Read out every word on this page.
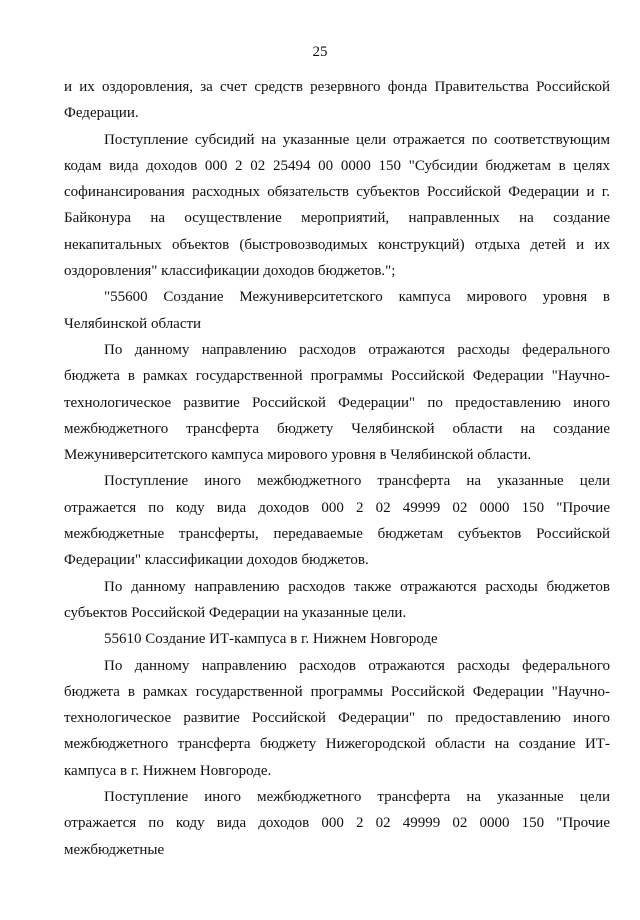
25

и их оздоровления, за счет средств резервного фонда Правительства Российской Федерации.

Поступление субсидий на указанные цели отражается по соответствующим кодам вида доходов 000 2 02 25494 00 0000 150 "Субсидии бюджетам в целях софинансирования расходных обязательств субъектов Российской Федерации и г. Байконура на осуществление мероприятий, направленных на создание некапитальных объектов (быстровозводимых конструкций) отдыха детей и их оздоровления" классификации доходов бюджетов.";

"55600 Создание Межуниверситетского кампуса мирового уровня в Челябинской области

По данному направлению расходов отражаются расходы федерального бюджета в рамках государственной программы Российской Федерации "Научно-технологическое развитие Российской Федерации" по предоставлению иного межбюджетного трансферта бюджету Челябинской области на создание Межуниверситетского кампуса мирового уровня в Челябинской области.

Поступление иного межбюджетного трансферта на указанные цели отражается по коду вида доходов 000 2 02 49999 02 0000 150 "Прочие межбюджетные трансферты, передаваемые бюджетам субъектов Российской Федерации" классификации доходов бюджетов.

По данному направлению расходов также отражаются расходы бюджетов субъектов Российской Федерации на указанные цели.

55610 Создание ИТ-кампуса в г. Нижнем Новгороде

По данному направлению расходов отражаются расходы федерального бюджета в рамках государственной программы Российской Федерации "Научно-технологическое развитие Российской Федерации" по предоставлению иного межбюджетного трансферта бюджету Нижегородской области на создание ИТ-кампуса в г. Нижнем Новгороде.

Поступление иного межбюджетного трансферта на указанные цели отражается по коду вида доходов 000 2 02 49999 02 0000 150 "Прочие межбюджетные
